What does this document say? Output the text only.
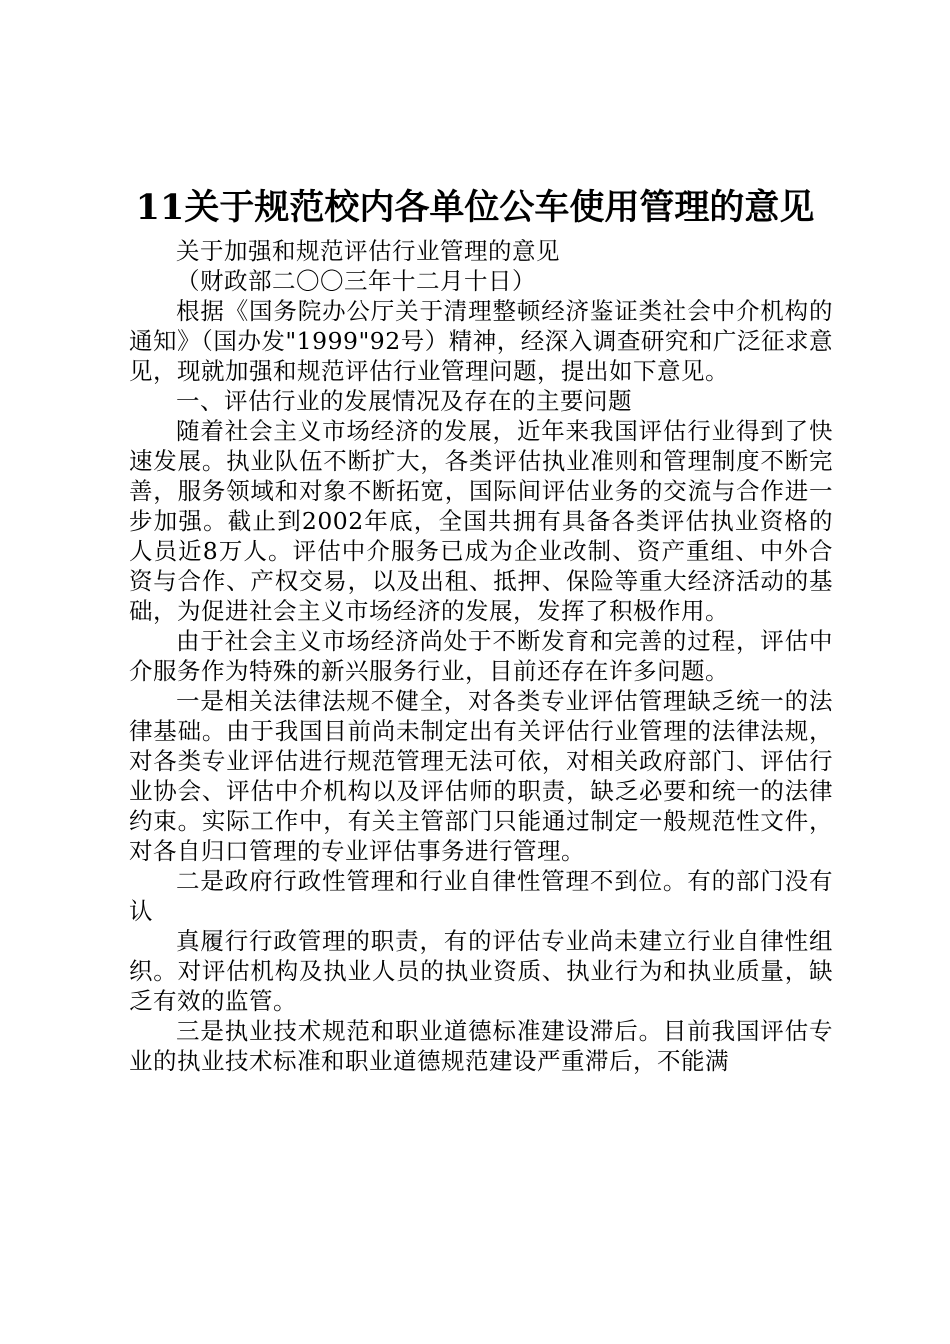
11关于规范校内各单位公车使用管理的意见

关于加强和规范评估行业管理的意见

（财政部二〇〇三年十二月十日）

根据《国务院办公厅关于清理整顿经济鉴证类社会中介机构的通知》（国办发"1999"92号）精神，经深入调查研究和广泛征求意见，现就加强和规范评估行业管理问题，提出如下意见。

一、评估行业的发展情况及存在的主要问题

随着社会主义市场经济的发展，近年来我国评估行业得到了快速发展。执业队伍不断扩大，各类评估执业准则和管理制度不断完善，服务领域和对象不断拓宽，国际间评估业务的交流与合作进一步加强。截止到2002年底，全国共拥有具备各类评估执业资格的人员近8万人。评估中介服务已成为企业改制、资产重组、中外合资与合作、产权交易，以及出租、抵押、保险等重大经济活动的基础，为促进社会主义市场经济的发展，发挥了积极作用。

由于社会主义市场经济尚处于不断发育和完善的过程，评估中介服务作为特殊的新兴服务行业，目前还存在许多问题。

一是相关法律法规不健全，对各类专业评估管理缺乏统一的法律基础。由于我国目前尚未制定出有关评估行业管理的法律法规，对各类专业评估进行规范管理无法可依，对相关政府部门、评估行业协会、评估中介机构以及评估师的职责，缺乏必要和统一的法律约束。实际工作中，有关主管部门只能通过制定一般规范性文件，对各自归口管理的专业评估事务进行管理。

二是政府行政性管理和行业自律性管理不到位。有的部门没有认

真履行行政管理的职责，有的评估专业尚未建立行业自律性组织。对评估机构及执业人员的执业资质、执业行为和执业质量，缺乏有效的监管。

三是执业技术规范和职业道德标准建设滞后。目前我国评估专业的执业技术标准和职业道德规范建设严重滞后，不能满
